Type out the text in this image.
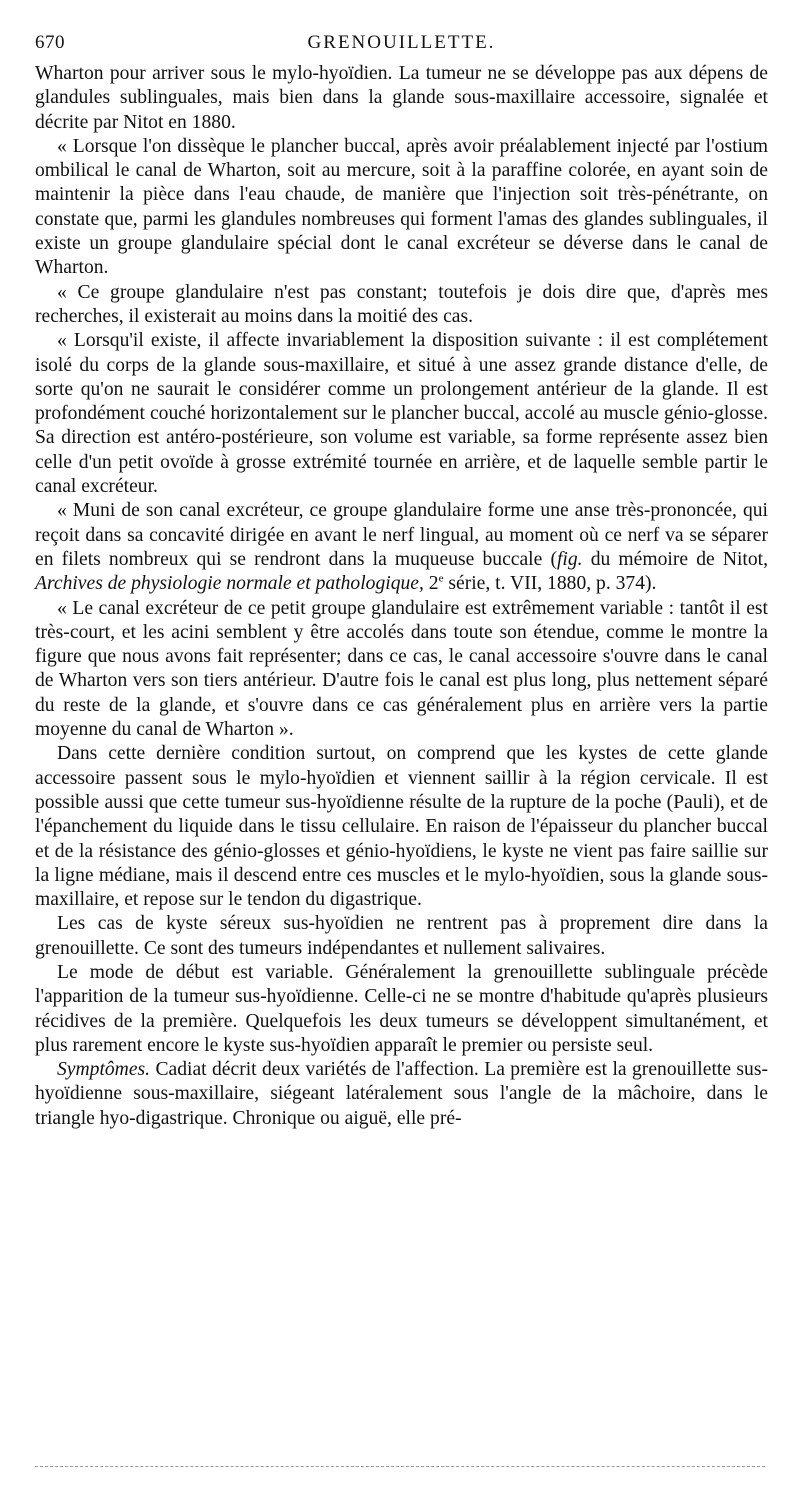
670	GRENOUILLETTE.

Wharton pour arriver sous le mylo-hyoïdien. La tumeur ne se développe pas aux dépens de glandules sublinguales, mais bien dans la glande sous-maxillaire accessoire, signalée et décrite par Nitot en 1880.

« Lorsque l'on dissèque le plancher buccal, après avoir préalablement injecté par l'ostium ombilical le canal de Wharton, soit au mercure, soit à la paraffine colorée, en ayant soin de maintenir la pièce dans l'eau chaude, de manière que l'injection soit très-pénétrante, on constate que, parmi les glandules nombreuses qui forment l'amas des glandes sublinguales, il existe un groupe glandulaire spécial dont le canal excréteur se déverse dans le canal de Wharton.

« Ce groupe glandulaire n'est pas constant; toutefois je dois dire que, d'après mes recherches, il existerait au moins dans la moitié des cas.

« Lorsqu'il existe, il affecte invariablement la disposition suivante : il est complétement isolé du corps de la glande sous-maxillaire, et situé à une assez grande distance d'elle, de sorte qu'on ne saurait le considérer comme un prolongement antérieur de la glande. Il est profondément couché horizontalement sur le plancher buccal, accolé au muscle génio-glosse. Sa direction est antéro-postérieure, son volume est variable, sa forme représente assez bien celle d'un petit ovoïde à grosse extrémité tournée en arrière, et de laquelle semble partir le canal excréteur.

« Muni de son canal excréteur, ce groupe glandulaire forme une anse très-prononcée, qui reçoit dans sa concavité dirigée en avant le nerf lingual, au moment où ce nerf va se séparer en filets nombreux qui se rendront dans la muqueuse buccale (fig. du mémoire de Nitot, Archives de physiologie normale et pathologique, 2e série, t. VII, 1880, p. 374).

« Le canal excréteur de ce petit groupe glandulaire est extrêmement variable : tantôt il est très-court, et les acini semblent y être accolés dans toute son étendue, comme le montre la figure que nous avons fait représenter; dans ce cas, le canal accessoire s'ouvre dans le canal de Wharton vers son tiers antérieur. D'autre fois le canal est plus long, plus nettement séparé du reste de la glande, et s'ouvre dans ce cas généralement plus en arrière vers la partie moyenne du canal de Wharton ».

Dans cette dernière condition surtout, on comprend que les kystes de cette glande accessoire passent sous le mylo-hyoïdien et viennent saillir à la région cervicale. Il est possible aussi que cette tumeur sus-hyoïdienne résulte de la rupture de la poche (Pauli), et de l'épanchement du liquide dans le tissu cellulaire. En raison de l'épaisseur du plancher buccal et de la résistance des génio-glosses et génio-hyoïdiens, le kyste ne vient pas faire saillie sur la ligne médiane, mais il descend entre ces muscles et le mylo-hyoïdien, sous la glande sous-maxillaire, et repose sur le tendon du digastrique.

Les cas de kyste séreux sus-hyoïdien ne rentrent pas à proprement dire dans la grenouillette. Ce sont des tumeurs indépendantes et nullement salivaires.

Le mode de début est variable. Généralement la grenouillette sublinguale précède l'apparition de la tumeur sus-hyoïdienne. Celle-ci ne se montre d'habitude qu'après plusieurs récidives de la première. Quelquefois les deux tumeurs se développent simultanément, et plus rarement encore le kyste sus-hyoïdien apparaît le premier ou persiste seul.

Symptômes. Cadiat décrit deux variétés de l'affection. La première est la grenouillette sus-hyoïdienne sous-maxillaire, siégeant latéralement sous l'angle de la mâchoire, dans le triangle hyo-digastrique. Chronique ou aiguë, elle pré-
